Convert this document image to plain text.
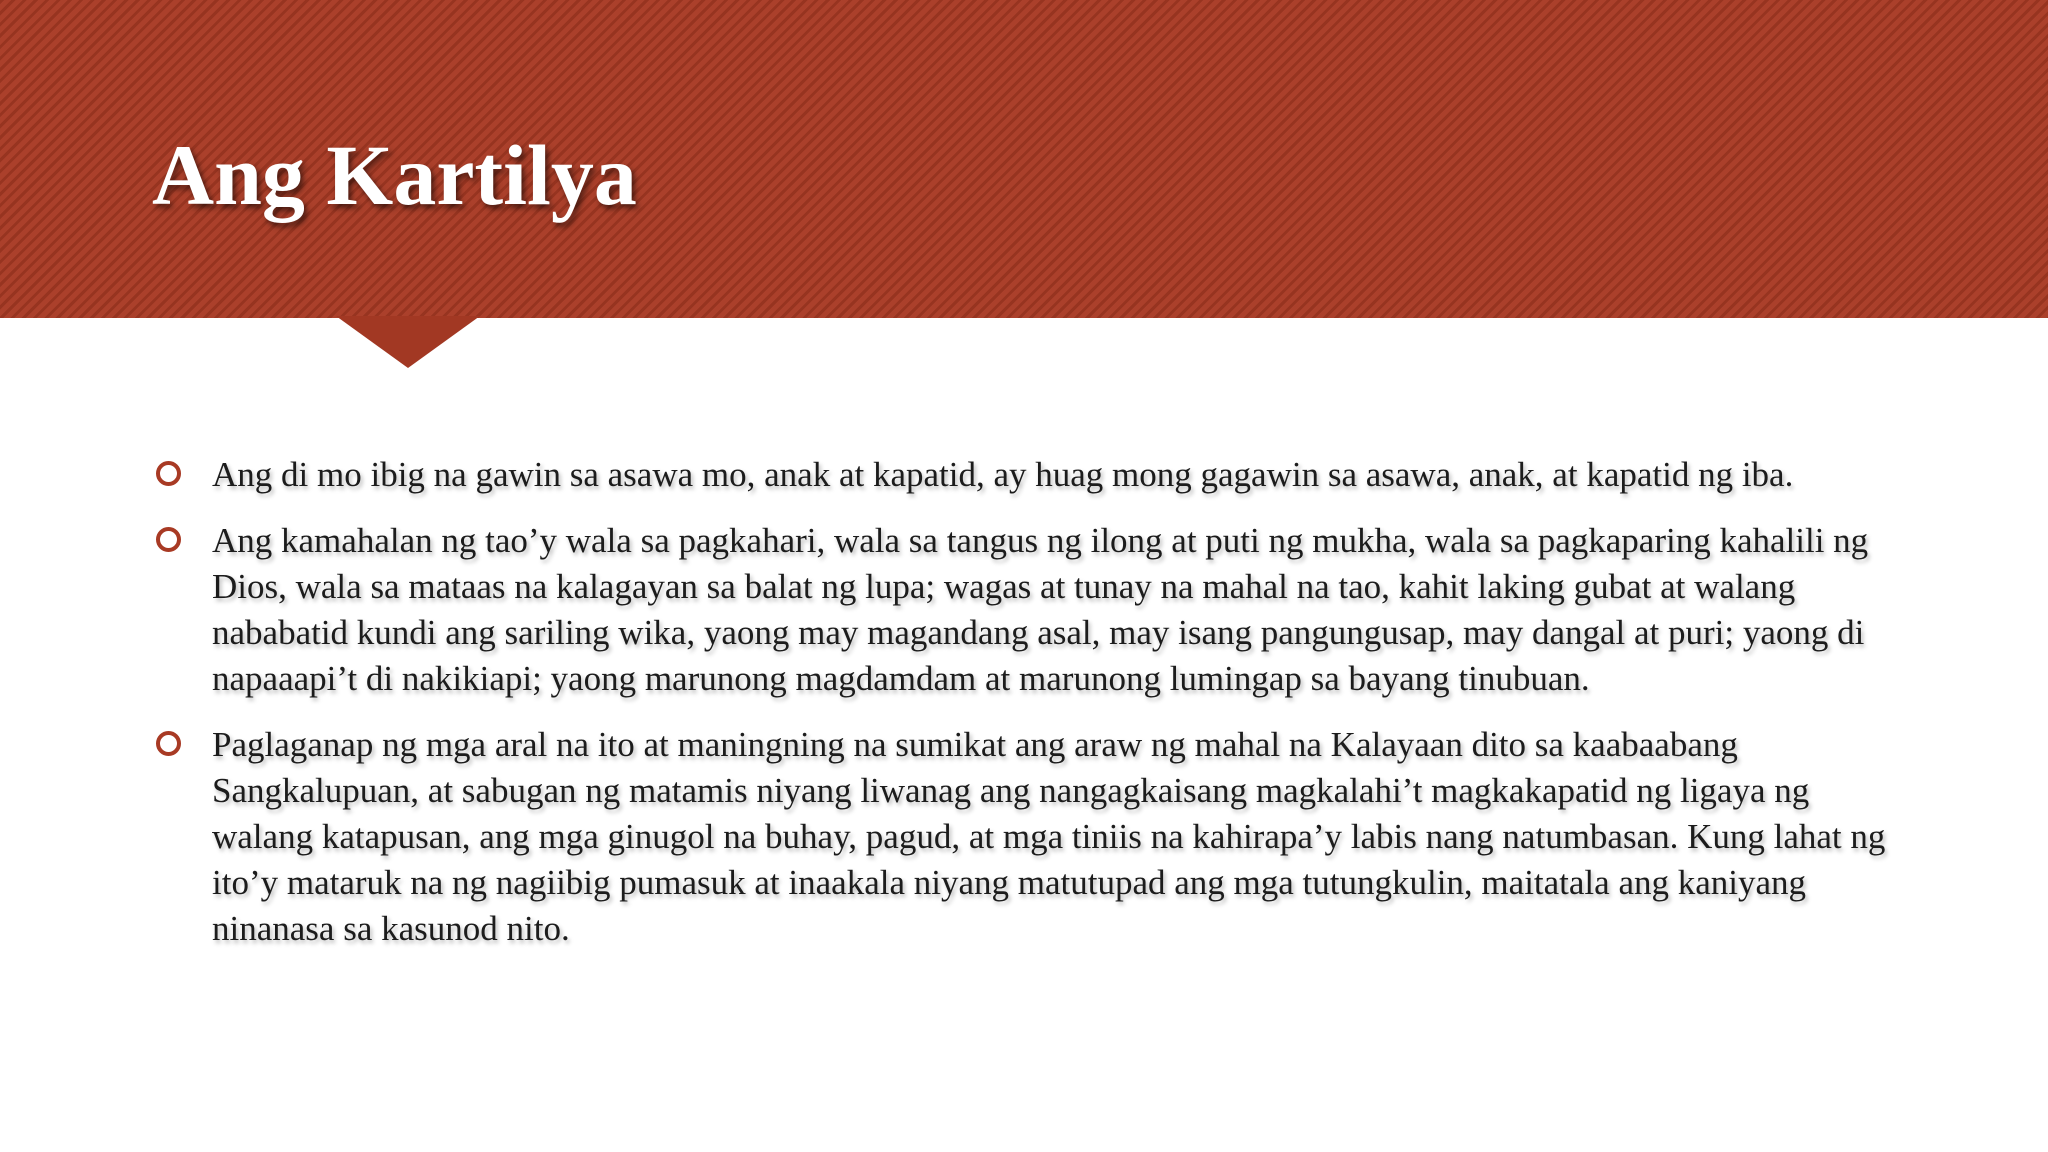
Ang Kartilya
Ang di mo ibig na gawin sa asawa mo, anak at kapatid, ay huag mong gagawin sa asawa, anak, at kapatid ng iba.
Ang kamahalan ng tao’y wala sa pagkahari, wala sa tangus ng ilong at puti ng mukha, wala sa pagkaparing kahalili ng Dios, wala sa mataas na kalagayan sa balat ng lupa; wagas at tunay na mahal na tao, kahit laking gubat at walang nababatid kundi ang sariling wika, yaong may magandang asal, may isang pangungusap, may dangal at puri; yaong di napaaapi’t di nakikiapi; yaong marunong magdamdam at marunong lumingap sa bayang tinubuan.
Paglaganap ng mga aral na ito at maningning na sumikat ang araw ng mahal na Kalayaan dito sa kaabaabang Sangkalupuan, at sabugan ng matamis niyang liwanag ang nangagkaisang magkalahi’t magkakapatid ng ligaya ng walang katapusan, ang mga ginugol na buhay, pagud, at mga tiniis na kahirapa’y labis nang natumbasan. Kung lahat ng ito’y mataruk na ng nagiibig pumasuk at inaakala niyang matutupad ang mga tutungkulin, maitatala ang kaniyang ninanasa sa kasunod nito.
